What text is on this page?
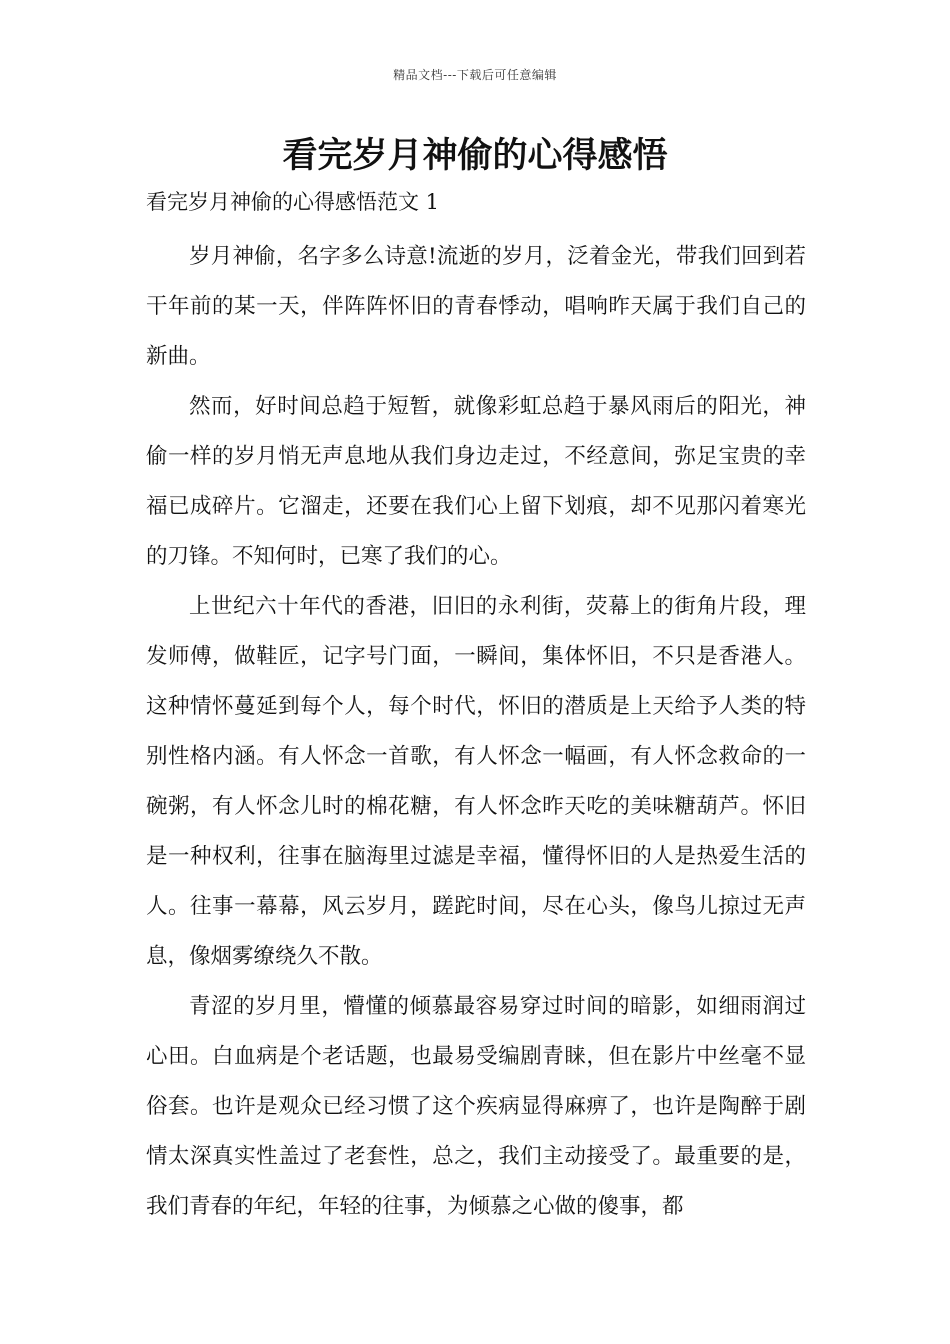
精品文档---下载后可任意编辑
看完岁月神偷的心得感悟
看完岁月神偷的心得感悟范文 1

岁月神偷，名字多么诗意!流逝的岁月，泛着金光，带我们回到若干年前的某一天，伴阵阵怀旧的青春悸动，唱响昨天属于我们自己的新曲。

然而，好时间总趋于短暂，就像彩虹总趋于暴风雨后的阳光，神偷一样的岁月悄无声息地从我们身边走过，不经意间，弥足宝贵的幸福已成碎片。它溜走，还要在我们心上留下划痕，却不见那闪着寒光的刀锋。不知何时，已寒了我们的心。

上世纪六十年代的香港，旧旧的永利街，荧幕上的街角片段，理发师傅，做鞋匠，记字号门面，一瞬间，集体怀旧，不只是香港人。这种情怀蔓延到每个人，每个时代，怀旧的潜质是上天给予人类的特别性格内涵。有人怀念一首歌，有人怀念一幅画，有人怀念救命的一碗粥，有人怀念儿时的棉花糖，有人怀念昨天吃的美味糖葫芦。怀旧是一种权利，往事在脑海里过滤是幸福，懂得怀旧的人是热爱生活的人。往事一幕幕，风云岁月，蹉跎时间，尽在心头，像鸟儿掠过无声息，像烟雾缭绕久不散。

青涩的岁月里，懵懂的倾慕最容易穿过时间的暗影，如细雨润过心田。白血病是个老话题，也最易受编剧青睐，但在影片中丝毫不显俗套。也许是观众已经习惯了这个疾病显得麻痹了，也许是陶醉于剧情太深真实性盖过了老套性，总之，我们主动接受了。最重要的是，我们青春的年纪，年轻的往事，为倾慕之心做的傻事，都
